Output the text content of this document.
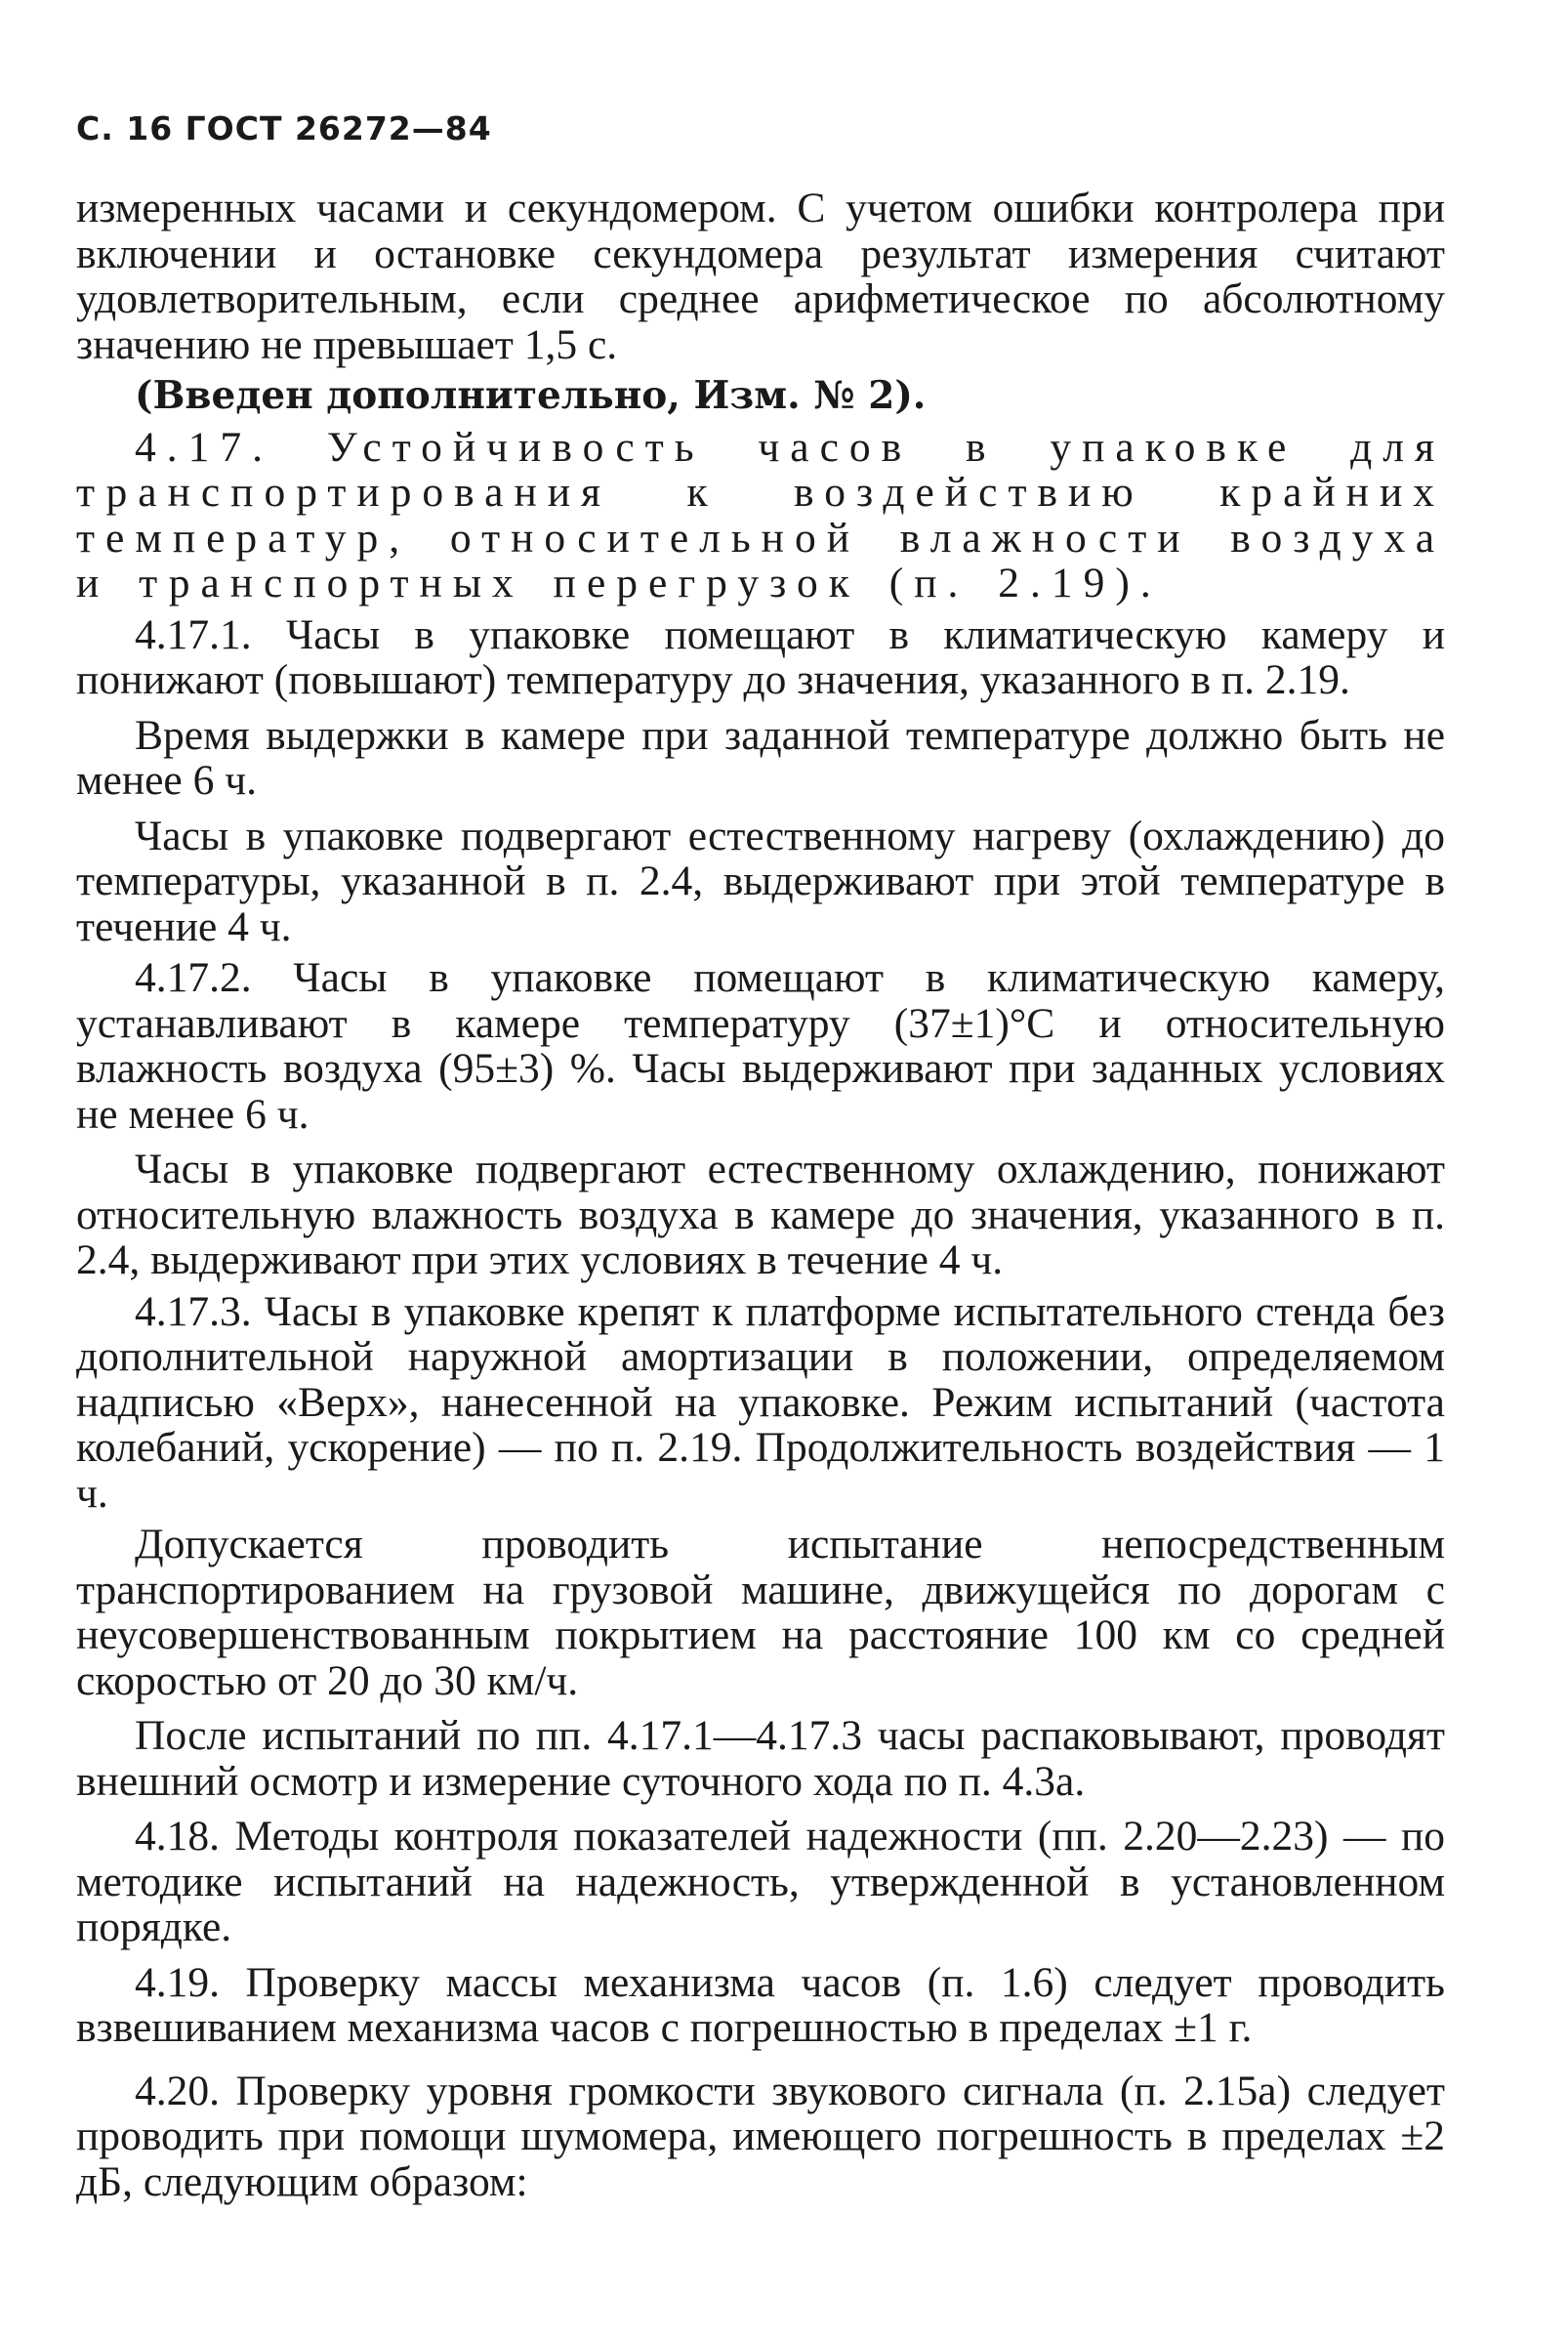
С. 16 ГОСТ 26272—84

измеренных часами и секундомером. С учетом ошибки контролера при включении и остановке секундомера результат измерения считают удовлетворительным, если среднее арифметическое по абсолютному значению не превышает 1,5 с.

(Введен дополнительно, Изм. № 2).

4.17. Устойчивость часов в упаковке для транспортирования к воздействию крайних температур, относительной влажности воздуха и транспортных перегрузок (п. 2.19).

4.17.1. Часы в упаковке помещают в климатическую камеру и понижают (повышают) температуру до значения, указанного в п. 2.19.

Время выдержки в камере при заданной температуре должно быть не менее 6 ч.

Часы в упаковке подвергают естественному нагреву (охлаждению) до температуры, указанной в п. 2.4, выдерживают при этой температуре в течение 4 ч.

4.17.2. Часы в упаковке помещают в климатическую камеру, устанавливают в камере температуру (37±1)°С и относительную влажность воздуха (95±3) %. Часы выдерживают при заданных условиях не менее 6 ч.

Часы в упаковке подвергают естественному охлаждению, понижают относительную влажность воздуха в камере до значения, указанного в п. 2.4, выдерживают при этих условиях в течение 4 ч.

4.17.3. Часы в упаковке крепят к платформе испытательного стенда без дополнительной наружной амортизации в положении, определяемом надписью «Верх», нанесенной на упаковке. Режим испытаний (частота колебаний, ускорение) — по п. 2.19. Продолжительность воздействия — 1 ч.

Допускается проводить испытание непосредственным транспортированием на грузовой машине, движущейся по дорогам с неусовершенствованным покрытием на расстояние 100 км со средней скоростью от 20 до 30 км/ч.

После испытаний по пп. 4.17.1—4.17.3 часы распаковывают, проводят внешний осмотр и измерение суточного хода по п. 4.3а.

4.18. Методы контроля показателей надежности (пп. 2.20—2.23) — по методике испытаний на надежность, утвержденной в установленном порядке.

4.19. Проверку массы механизма часов (п. 1.6) следует проводить взвешиванием механизма часов с погрешностью в пределах ±1 г.

4.20. Проверку уровня громкости звукового сигнала (п. 2.15а) следует проводить при помощи шумомера, имеющего погрешность в пределах ±2 дБ, следующим образом:
